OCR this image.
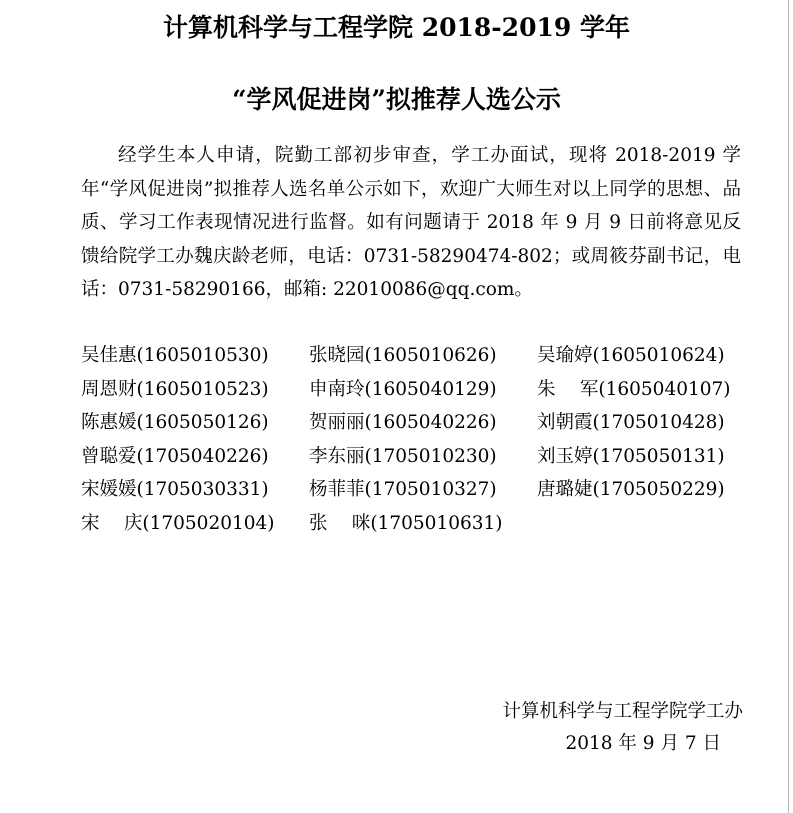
计算机科学与工程学院 2018-2019 学年
“学风促进岗”拟推荐人选公示

经学生本人申请，院勤工部初步审查，学工办面试，现将 2018-2019 学年“学风促进岗”拟推荐人选名单公示如下，欢迎广大师生对以上同学的思想、品质、学习工作表现情况进行监督。如有问题请于 2018 年 9 月 9 日前将意见反馈给院学工办魏庆龄老师，电话：0731-58290474-802；或周筱芬副书记，电话：0731-58290166，邮箱: 22010086@qq.com。

吴佳惠(1605010530)	张晓园(1605010626)	吴瑜婷(1605010624)
周恩财(1605010523)	申南玲(1605040129)	朱　 军(1605040107)
陈惠媛(1605050126)	贺丽丽(1605040226)	刘朝霞(1705010428)
曾聪爱(1705040226)	李东丽(1705010230)	刘玉婷(1705050131)
宋媛媛(1705030331)	杨菲菲(1705010327)	唐璐婕(1705050229)
宋　 庆(1705020104)	张　 咪(1705010631)
计算机科学与工程学院学工办
2018 年 9 月 7 日
